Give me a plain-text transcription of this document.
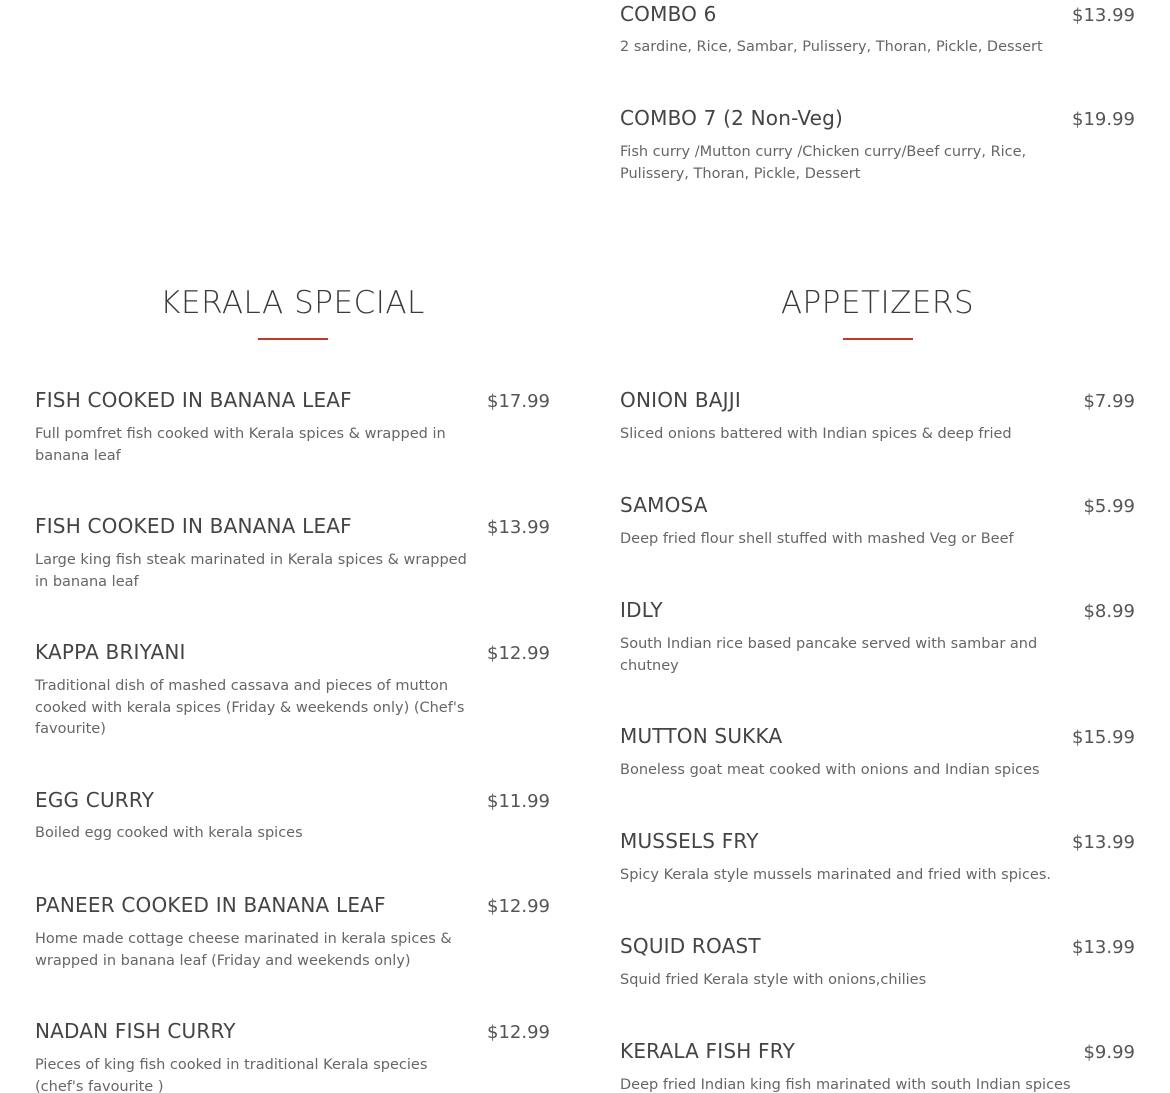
COMBO 6	$13.99
2 sardine, Rice, Sambar, Pulissery, Thoran, Pickle, Dessert
COMBO 7 (2 Non-Veg)	$19.99
Fish curry /Mutton curry /Chicken curry/Beef curry, Rice, Pulissery, Thoran, Pickle, Dessert
KERALA SPECIAL
FISH COOKED IN BANANA LEAF	$17.99
Full pomfret fish cooked with Kerala spices & wrapped in banana leaf
FISH COOKED IN BANANA LEAF	$13.99
Large king fish steak marinated in Kerala spices & wrapped in banana leaf
KAPPA BRIYANI	$12.99
Traditional dish of mashed cassava and pieces of mutton cooked with kerala spices (Friday & weekends only) (Chef's favourite)
EGG CURRY	$11.99
Boiled egg cooked with kerala spices
PANEER COOKED IN BANANA LEAF	$12.99
Home made cottage cheese marinated in kerala spices & wrapped in banana leaf (Friday and weekends only)
NADAN FISH CURRY	$12.99
Pieces of king fish cooked in traditional Kerala species (chef's favourite )
APPETIZERS
ONION BAJJI	$7.99
Sliced onions battered with Indian spices & deep fried
SAMOSA	$5.99
Deep fried flour shell stuffed with mashed Veg or Beef
IDLY	$8.99
South Indian rice based pancake served with sambar and chutney
MUTTON SUKKA	$15.99
Boneless goat meat cooked with onions and Indian spices
MUSSELS FRY	$13.99
Spicy Kerala style mussels marinated and fried with spices.
SQUID ROAST	$13.99
Squid fried Kerala style with onions,chilies
KERALA FISH FRY	$9.99
Deep fried Indian king fish marinated with south Indian spices
